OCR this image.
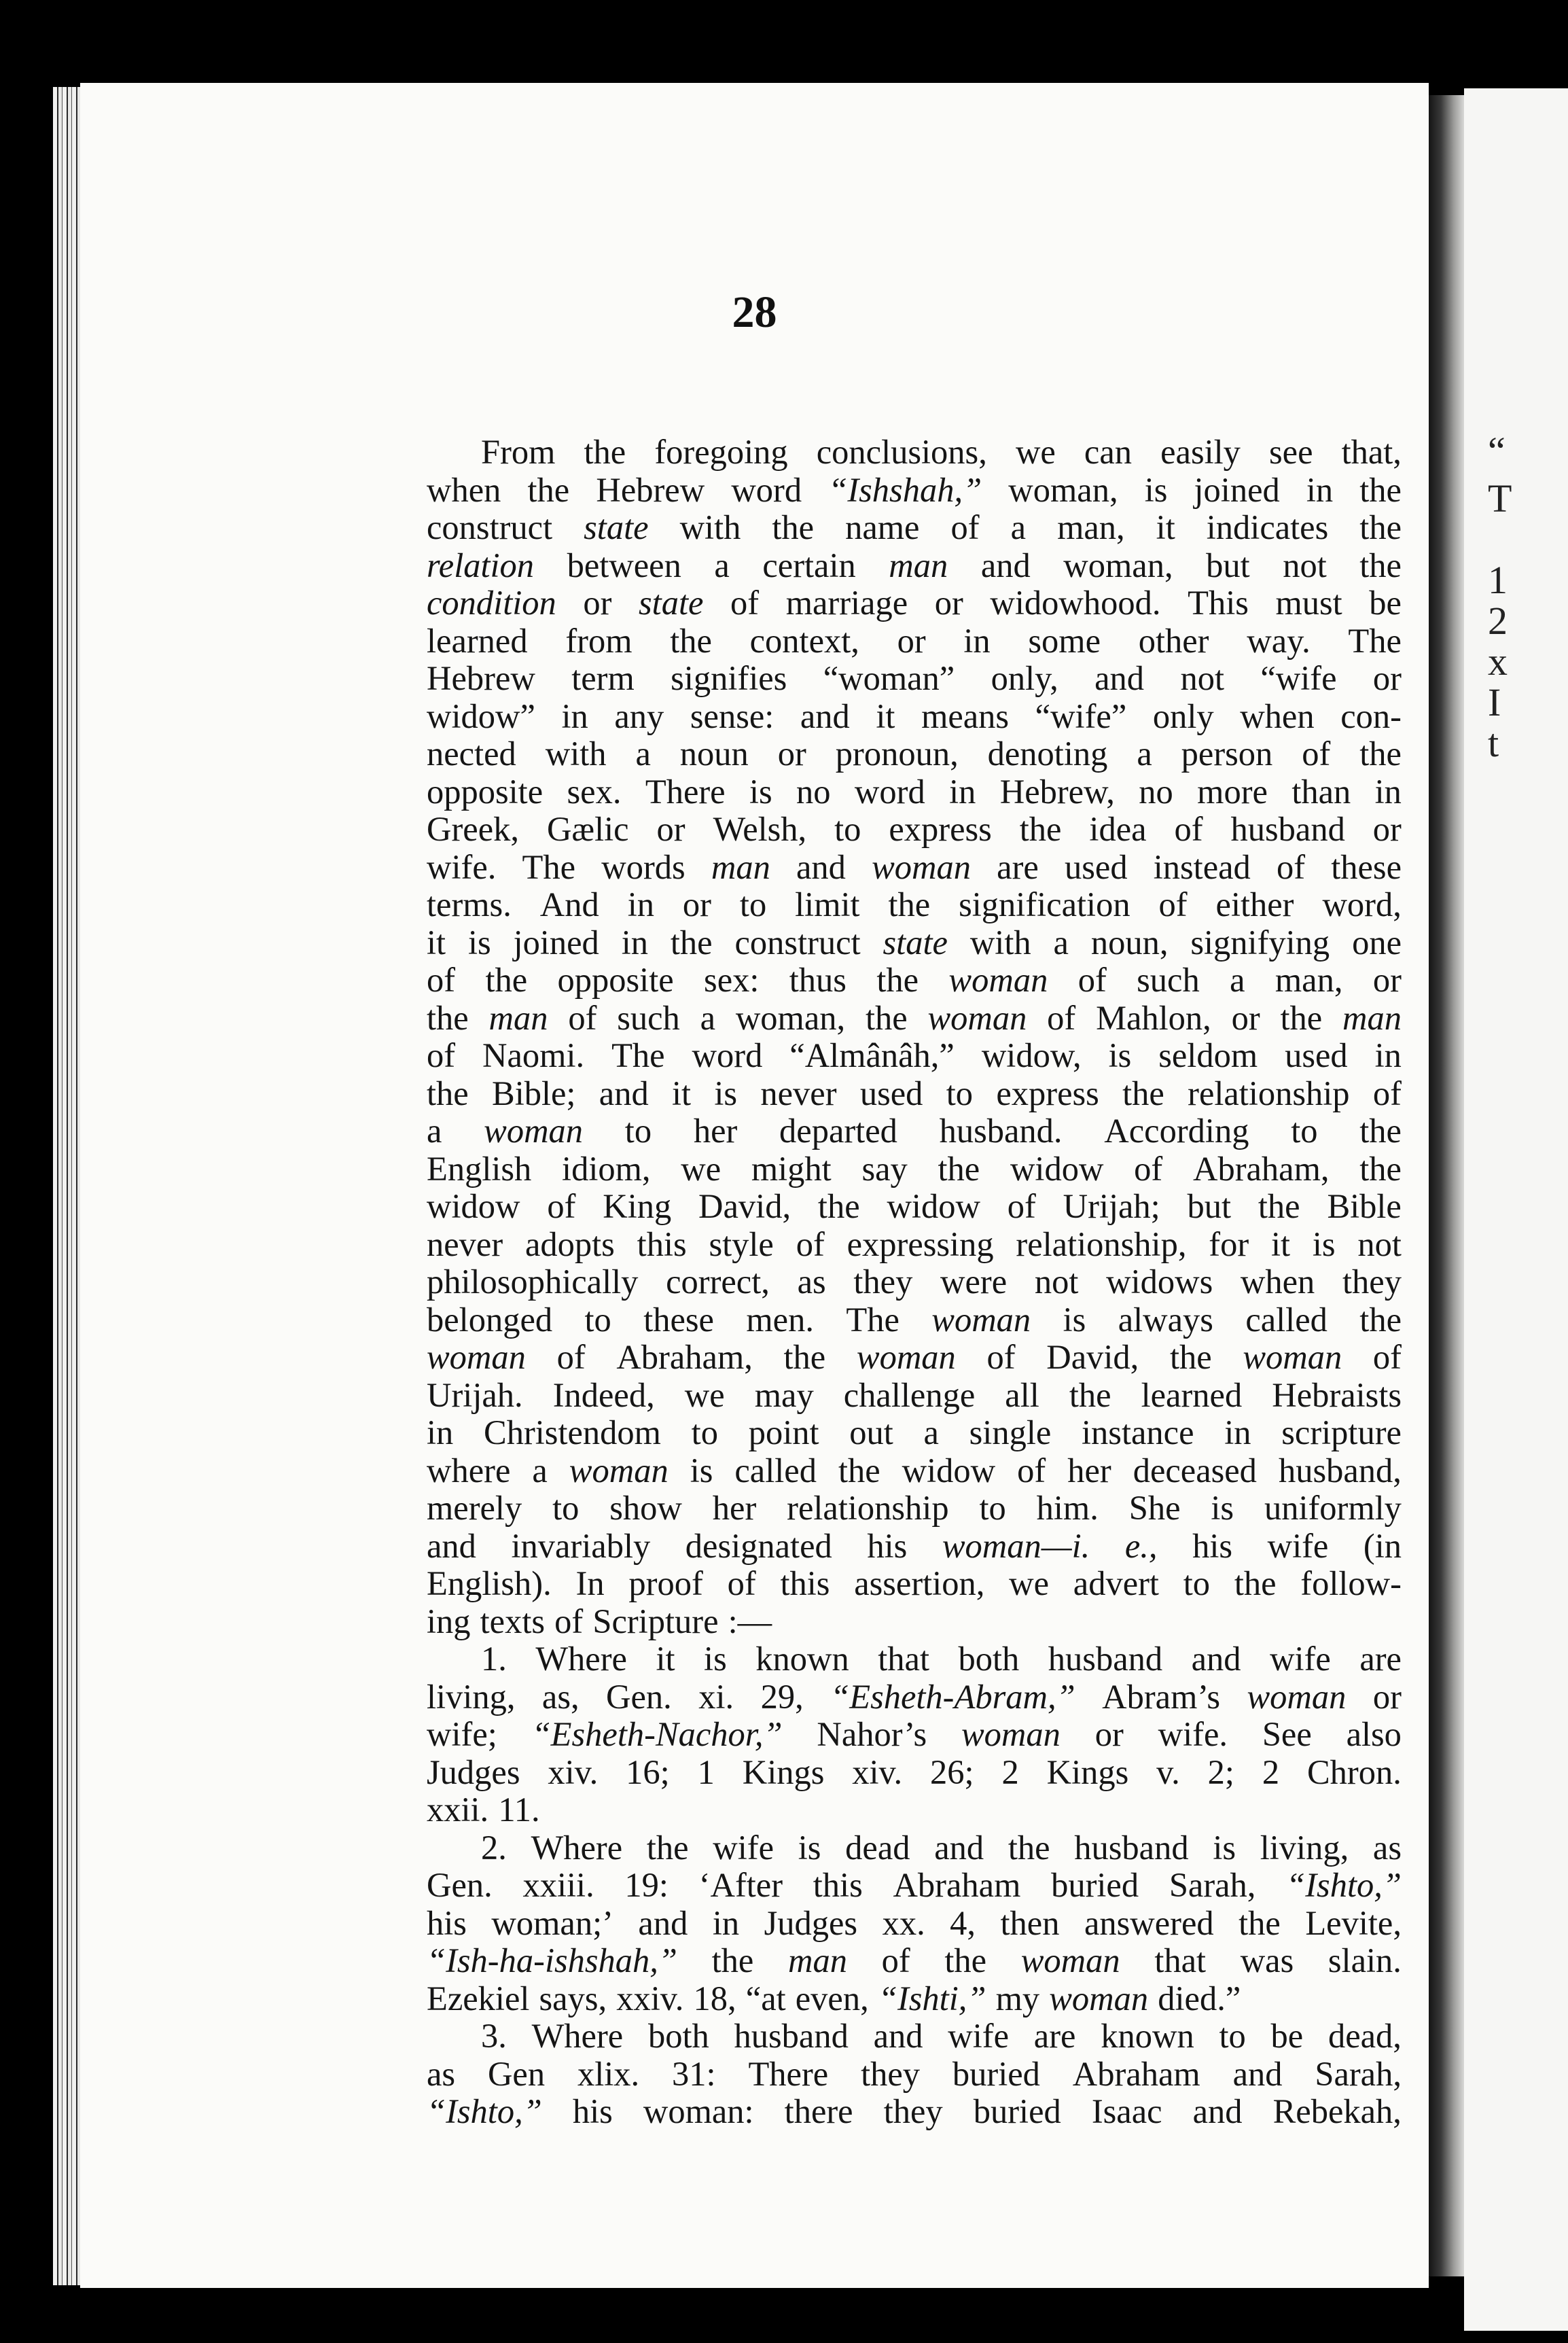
28
From the foregoing conclusions, we can easily see that,
when the Hebrew word “Ishshah,” woman, is joined in the
construct state with the name of a man, it indicates the
relation between a certain man and woman, but not the
condition or state of marriage or widowhood. This must be
learned from the context, or in some other way. The
Hebrew term signifies “woman” only, and not “wife or
widow” in any sense: and it means “wife” only when con-
nected with a noun or pronoun, denoting a person of the
opposite sex. There is no word in Hebrew, no more than in
Greek, Gælic or Welsh, to express the idea of husband or
wife. The words man and woman are used instead of these
terms. And in or to limit the signification of either word,
it is joined in the construct state with a noun, signifying one
of the opposite sex: thus the woman of such a man, or
the man of such a woman, the woman of Mahlon, or the man
of Naomi. The word “Almânâh,” widow, is seldom used in
the Bible; and it is never used to express the relationship of
a woman to her departed husband. According to the
English idiom, we might say the widow of Abraham, the
widow of King David, the widow of Urijah; but the Bible
never adopts this style of expressing relationship, for it is not
philosophically correct, as they were not widows when they
belonged to these men. The woman is always called the
woman of Abraham, the woman of David, the woman of
Urijah. Indeed, we may challenge all the learned Hebraists
in Christendom to point out a single instance in scripture
where a woman is called the widow of her deceased husband,
merely to show her relationship to him. She is uniformly
and invariably designated his woman—i. e., his wife (in
English). In proof of this assertion, we advert to the follow-
ing texts of Scripture :—
1. Where it is known that both husband and wife are
living, as, Gen. xi. 29, “Esheth-Abram,” Abram’s woman or
wife; “Esheth-Nachor,” Nahor’s woman or wife. See also
Judges xiv. 16; 1 Kings xiv. 26; 2 Kings v. 2; 2 Chron.
xxii. 11.
2. Where the wife is dead and the husband is living, as
Gen. xxiii. 19: ‘After this Abraham buried Sarah, “Ishto,”
his woman;’ and in Judges xx. 4, then answered the Levite,
“Ish-ha-ishshah,” the man of the woman that was slain.
Ezekiel says, xxiv. 18, “at even, “Ishti,” my woman died.”
3. Where both husband and wife are known to be dead,
as Gen xlix. 31: There they buried Abraham and Sarah,
“Ishto,” his woman: there they buried Isaac and Rebekah,
“
T
1
2
x
I
t
